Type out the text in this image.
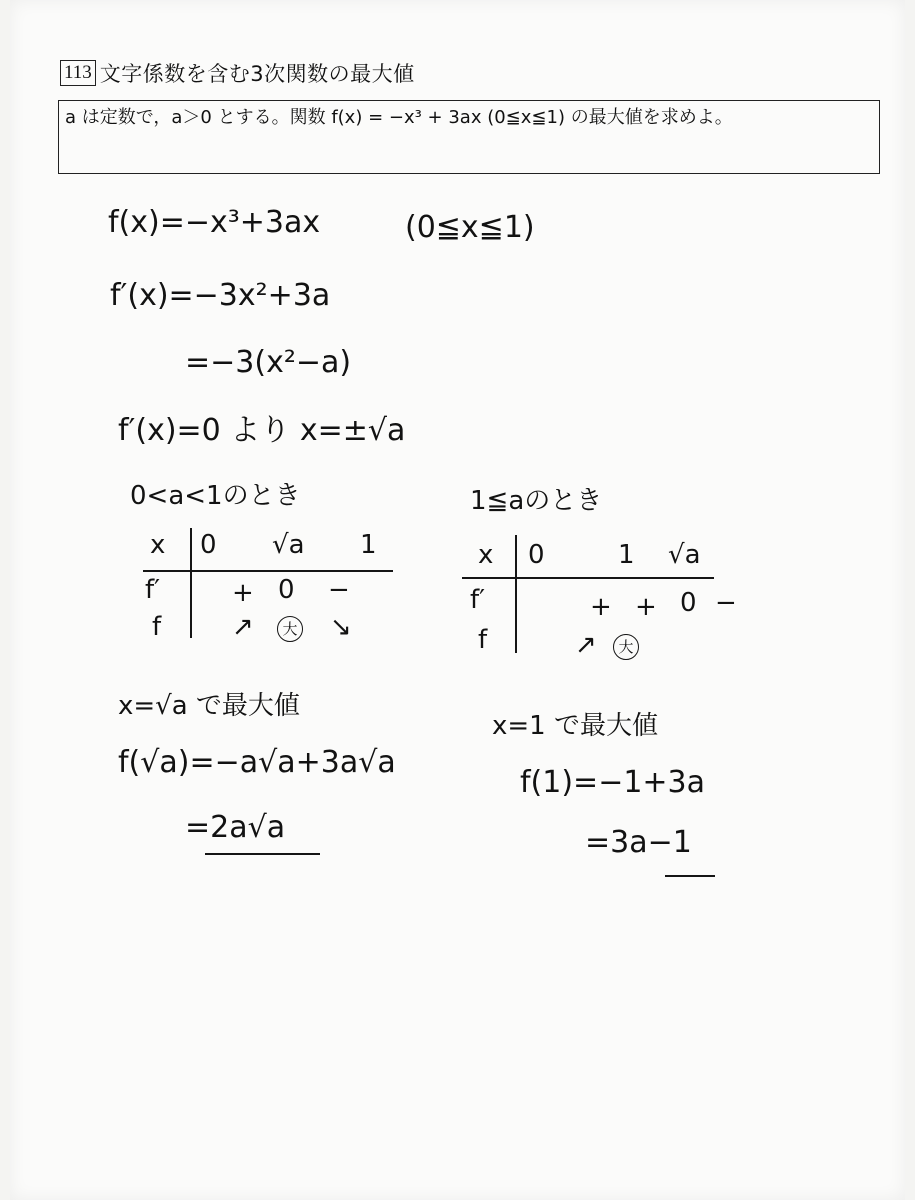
113 文字係数を含む3次関数の最大値
a は定数で，a＞0 とする。関数 f(x) = −x³ + 3ax (0≦x≦1) の最大値を求めよ。
f(x)=−x³+3ax	(0≦x≦1)
f′(x)=−3x²+3a
=−3(x²−a)
f′(x)=0 より x=±√a
0<a<1のとき
x 0 √a 1
f′	+ 0 −
f	↗	大 ↘
x=√a で最大値
f(√a)=−a√a+3a√a
=2a√a
1≦aのとき
x 0	1 √a
f′	+ + 0 −
f	↗	大
x=1 で最大値
f(1)=−1+3a
=3a−1
